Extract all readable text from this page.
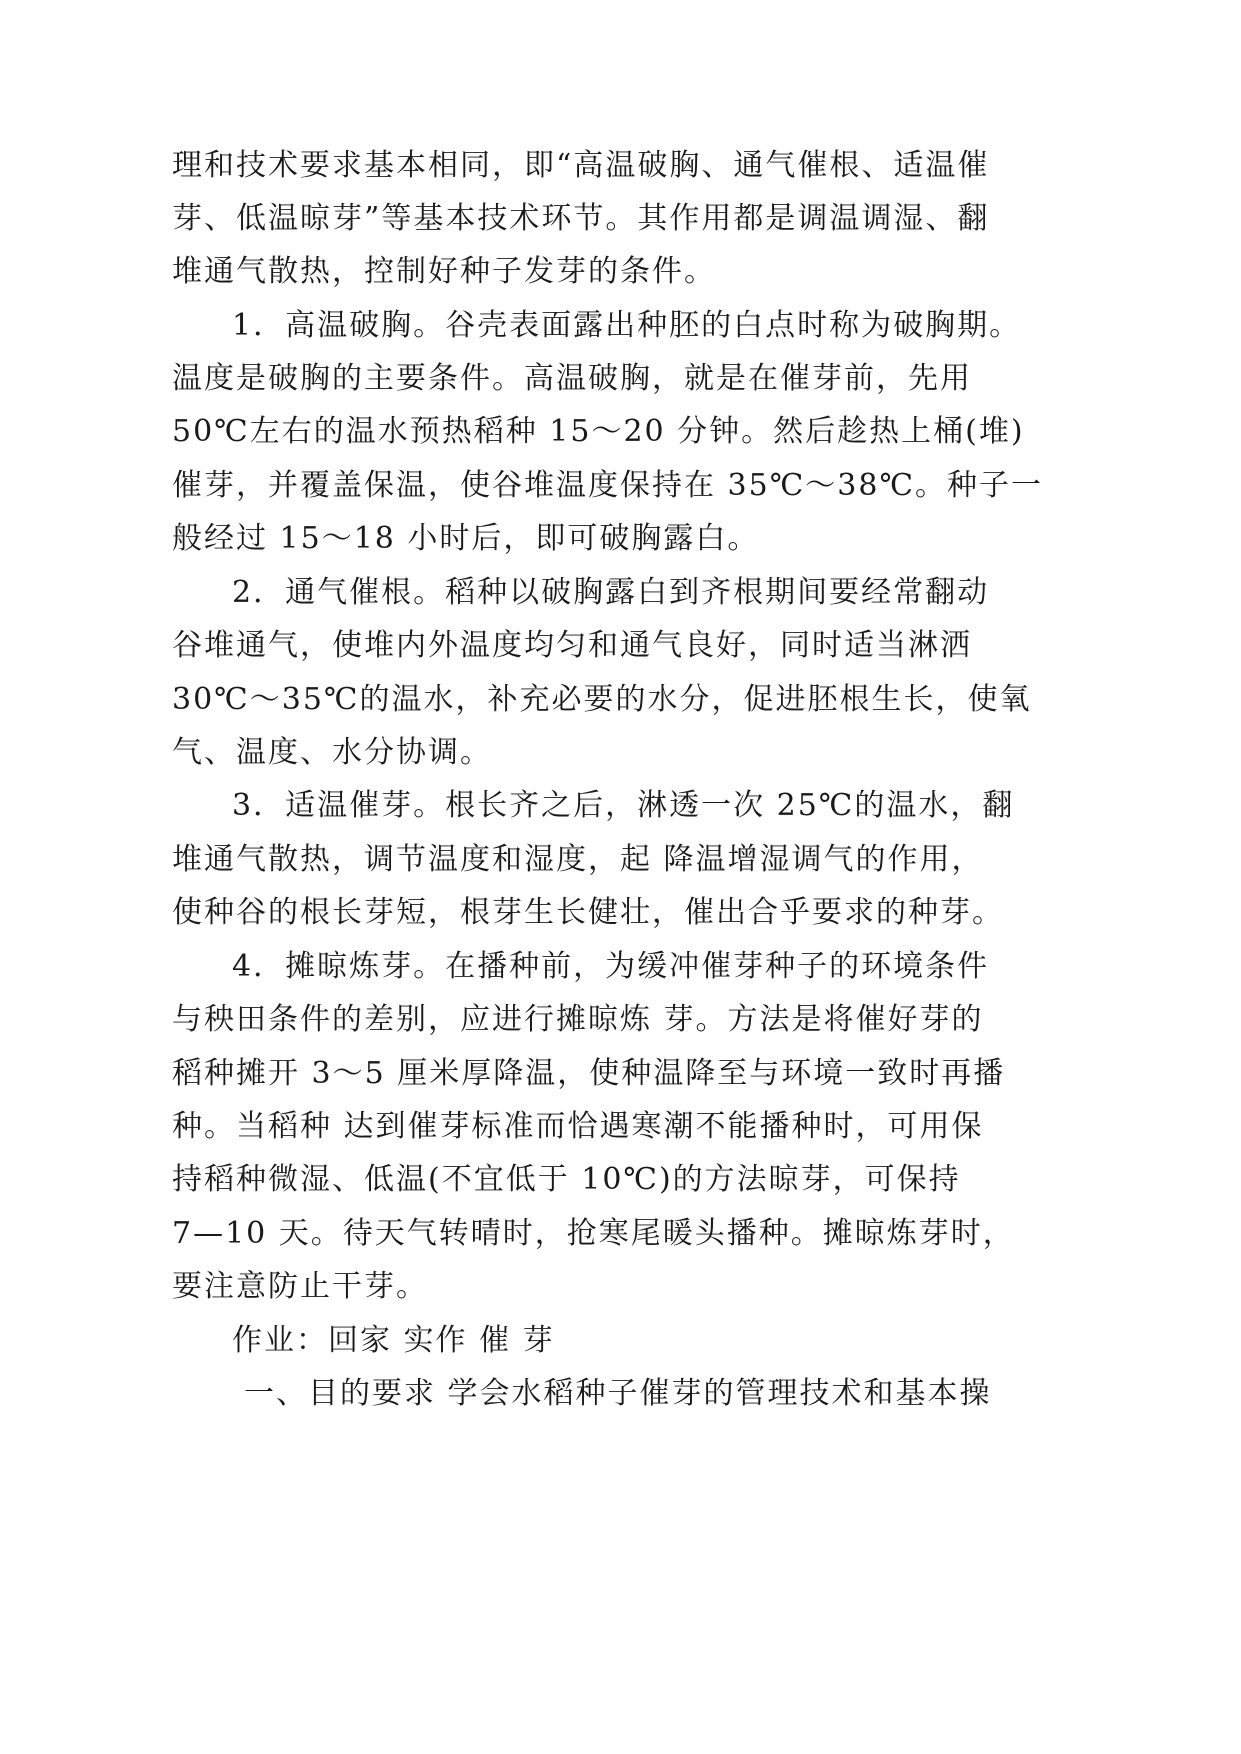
理和技术要求基本相同，即“高温破胸、通气催根、适温催
芽、低温晾芽”等基本技术环节。其作用都是调温调湿、翻
堆通气散热，控制好种子发芽的条件。
1．高温破胸。谷壳表面露出种胚的白点时称为破胸期。
温度是破胸的主要条件。高温破胸，就是在催芽前，先用
50℃左右的温水预热稻种 15～20 分钟。然后趁热上桶(堆)
催芽，并覆盖保温，使谷堆温度保持在 35℃～38℃。种子一
般经过 15～18 小时后，即可破胸露白。
2．通气催根。稻种以破胸露白到齐根期间要经常翻动
谷堆通气，使堆内外温度均匀和通气良好，同时适当淋洒
30℃～35℃的温水，补充必要的水分，促进胚根生长，使氧
气、温度、水分协调。
3．适温催芽。根长齐之后，淋透一次 25℃的温水，翻
堆通气散热，调节温度和湿度，起 降温增湿调气的作用，
使种谷的根长芽短，根芽生长健壮，催出合乎要求的种芽。
4．摊晾炼芽。在播种前，为缓冲催芽种子的环境条件
与秧田条件的差别，应进行摊晾炼 芽。方法是将催好芽的
稻种摊开 3～5 厘米厚降温，使种温降至与环境一致时再播
种。当稻种 达到催芽标准而恰遇寒潮不能播种时，可用保
持稻种微湿、低温(不宜低于 10℃)的方法晾芽，可保持
7—10 天。待天气转晴时，抢寒尾暖头播种。摊晾炼芽时，
要注意防止干芽。
作业：回家 实作 催 芽
一、目的要求 学会水稻种子催芽的管理技术和基本操
